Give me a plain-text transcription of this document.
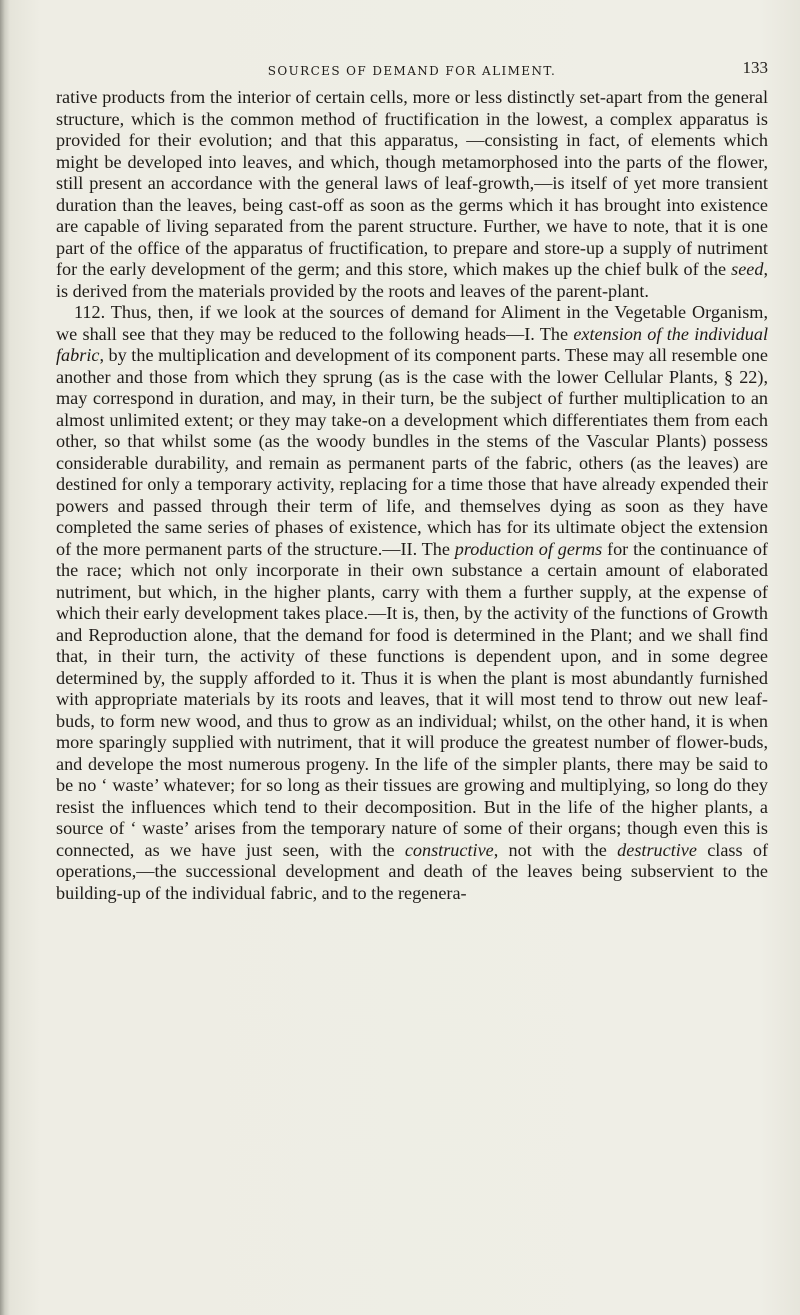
SOURCES OF DEMAND FOR ALIMENT.	133

rative products from the interior of certain cells, more or less distinctly set-apart from the general structure, which is the common method of fructification in the lowest, a complex apparatus is provided for their evolution; and that this apparatus, —consisting in fact, of elements which might be developed into leaves, and which, though metamorphosed into the parts of the flower, still present an accordance with the general laws of leaf-growth,—is itself of yet more transient duration than the leaves, being cast-off as soon as the germs which it has brought into existence are capable of living separated from the parent structure. Further, we have to note, that it is one part of the office of the apparatus of fructification, to prepare and store-up a supply of nutriment for the early development of the germ; and this store, which makes up the chief bulk of the seed, is derived from the materials provided by the roots and leaves of the parent-plant.

112. Thus, then, if we look at the sources of demand for Aliment in the Vegetable Organism, we shall see that they may be reduced to the following heads—I. The extension of the individual fabric, by the multiplication and development of its component parts. These may all resemble one another and those from which they sprung (as is the case with the lower Cellular Plants, § 22), may correspond in duration, and may, in their turn, be the subject of further multiplication to an almost unlimited extent; or they may take-on a development which differentiates them from each other, so that whilst some (as the woody bundles in the stems of the Vascular Plants) possess considerable durability, and remain as permanent parts of the fabric, others (as the leaves) are destined for only a temporary activity, replacing for a time those that have already expended their powers and passed through their term of life, and themselves dying as soon as they have completed the same series of phases of existence, which has for its ultimate object the extension of the more permanent parts of the structure.—II. The production of germs for the continuance of the race; which not only incorporate in their own substance a certain amount of elaborated nutriment, but which, in the higher plants, carry with them a further supply, at the expense of which their early development takes place.—It is, then, by the activity of the functions of Growth and Reproduction alone, that the demand for food is determined in the Plant; and we shall find that, in their turn, the activity of these functions is dependent upon, and in some degree determined by, the supply afforded to it. Thus it is when the plant is most abundantly furnished with appropriate materials by its roots and leaves, that it will most tend to throw out new leaf-buds, to form new wood, and thus to grow as an individual; whilst, on the other hand, it is when more sparingly supplied with nutriment, that it will produce the greatest number of flower-buds, and develope the most numerous progeny. In the life of the simpler plants, there may be said to be no ‘ waste’ whatever; for so long as their tissues are growing and multiplying, so long do they resist the influences which tend to their decomposition. But in the life of the higher plants, a source of ‘ waste’ arises from the temporary nature of some of their organs; though even this is connected, as we have just seen, with the constructive, not with the destructive class of operations,—the successional development and death of the leaves being subservient to the building-up of the individual fabric, and to the regenera-
